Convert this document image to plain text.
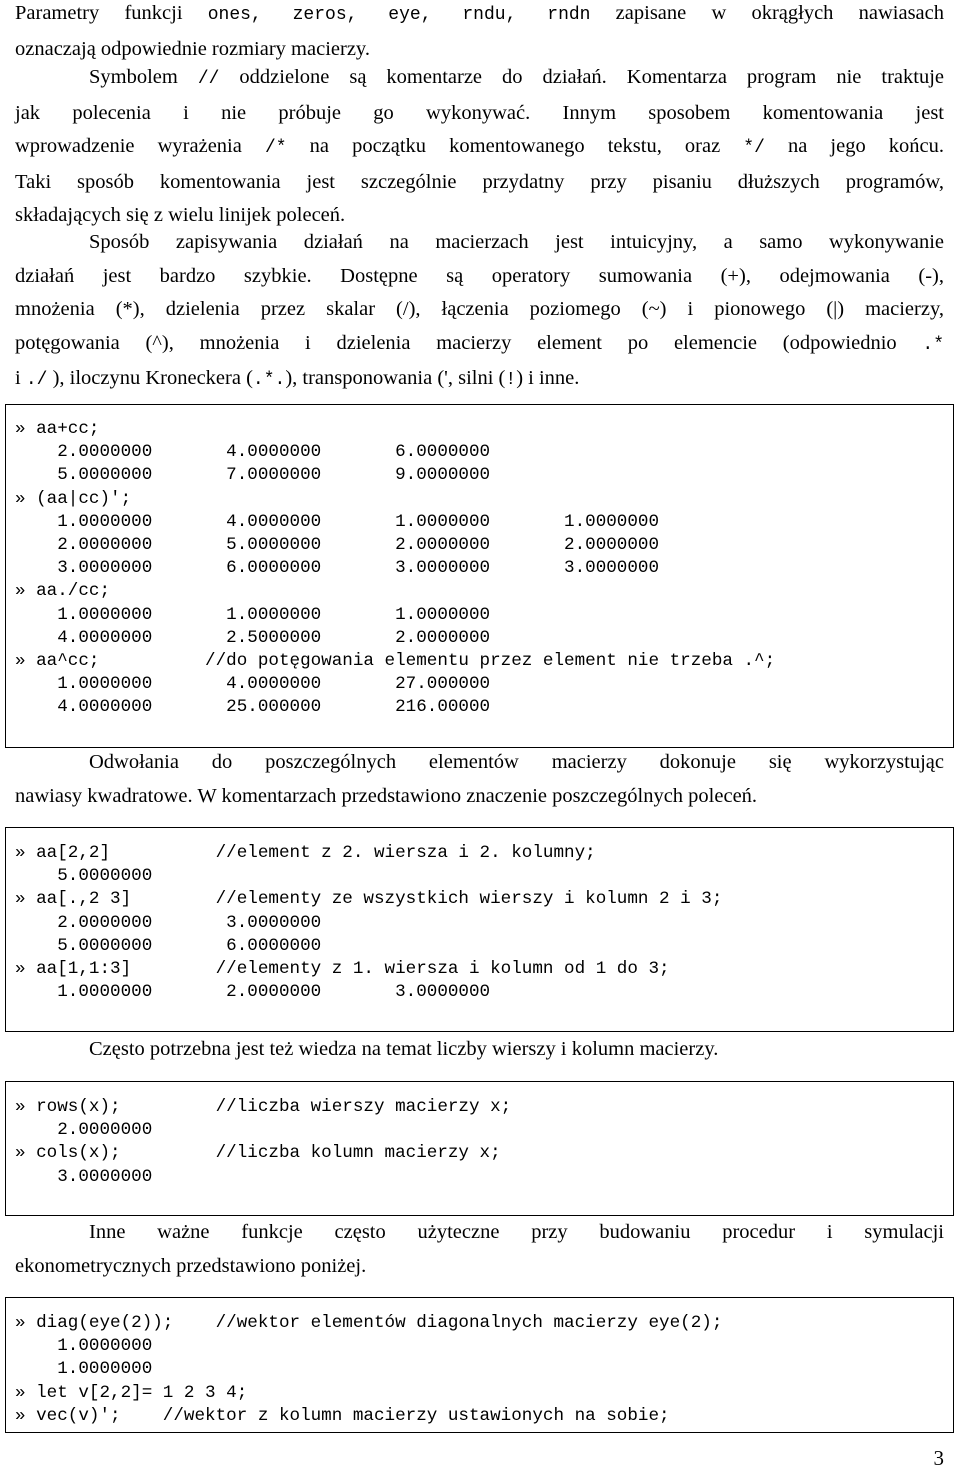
Parametry funkcji ones, zeros, eye, rndu, rndn zapisane w okrągłych nawiasach
oznaczają odpowiednie rozmiary macierzy.
Symbolem // oddzielone są komentarze do działań. Komentarza program nie traktuje
jak polecenia i nie próbuje go wykonywać. Innym sposobem komentowania jest
wprowadzenie wyrażenia /* na początku komentowanego tekstu, oraz */ na jego końcu.
Taki sposób komentowania jest szczególnie przydatny przy pisaniu dłuższych programów,
składających się z wielu linijek poleceń.
Sposób zapisywania działań na macierzach jest intuicyjny, a samo wykonywanie
działań jest bardzo szybkie. Dostępne są operatory sumowania (+), odejmowania (-),
mnożenia (*), dzielenia przez skalar (/), łączenia poziomego (~) i pionowego (|) macierzy,
potęgowania (^), mnożenia i dzielenia macierzy element po elemencie (odpowiednio .*
i ./ ), iloczynu Kroneckera (.*.), transponowania (', silni (!) i inne.
» aa+cc;
2.0000000       4.0000000       6.0000000
5.0000000       7.0000000       9.0000000
» (aa|cc)';
1.0000000       4.0000000       1.0000000       1.0000000
2.0000000       5.0000000       2.0000000       2.0000000
3.0000000       6.0000000       3.0000000       3.0000000
» aa./cc;
1.0000000       1.0000000       1.0000000
4.0000000       2.5000000       2.0000000
» aa^cc;          //do potęgowania elementu przez element nie trzeba .^;
1.0000000       4.0000000       27.000000
4.0000000       25.000000       216.00000
Odwołania do poszczególnych elementów macierzy dokonuje się wykorzystując
nawiasy kwadratowe. W komentarzach przedstawiono znaczenie poszczególnych poleceń.
» aa[2,2]          //element z 2. wiersza i 2. kolumny;
5.0000000
» aa[.,2 3]        //elementy ze wszystkich wierszy i kolumn 2 i 3;
2.0000000       3.0000000
5.0000000       6.0000000
» aa[1,1:3]        //elementy z 1. wiersza i kolumn od 1 do 3;
1.0000000       2.0000000       3.0000000
Często potrzebna jest też wiedza na temat liczby wierszy i kolumn macierzy.
» rows(x);         //liczba wierszy macierzy x;
2.0000000
» cols(x);         //liczba kolumn macierzy x;
3.0000000
Inne ważne funkcje często użyteczne przy budowaniu procedur i symulacji
ekonometrycznych przedstawiono poniżej.
» diag(eye(2));    //wektor elementów diagonalnych macierzy eye(2);
1.0000000
1.0000000
» let v[2,2]= 1 2 3 4;
» vec(v)';    //wektor z kolumn macierzy ustawionych na sobie;
3
